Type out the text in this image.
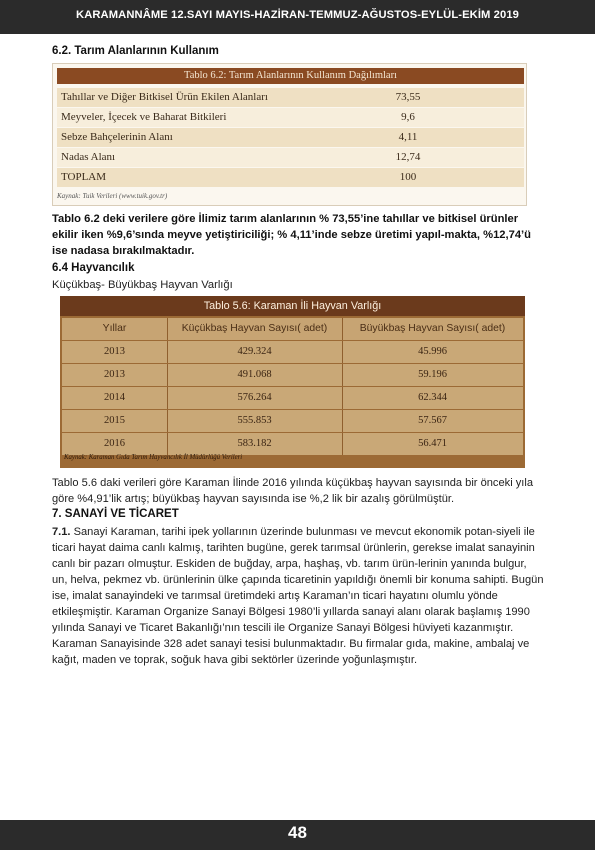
KARAMANNÂME 12.SAYI MAYIS-HAZİRAN-TEMMUZ-AĞUSTOS-EYLÜL-EKİM 2019
6.2. Tarım Alanlarının Kullanım
Tablo 6.2: Tarım Alanlarının Kullanım Dağılımları
Tahıllar ve Diğer Bitkisel Ürün Ekilen Alanları	73,55
Meyveler, İçecek ve Baharat Bitkileri	9,6
Sebze Bahçelerinin Alanı	4,11
Nadas Alanı	12,74
TOPLAM	100
Kaynak: Tuik Verileri (www.tuik.gov.tr)
Tablo 6.2 deki verilere göre İlimiz tarım alanlarının % 73,55’ine tahıllar ve bitkisel ürünler ekilir iken %9,6’sında meyve yetiştiriciliği; % 4,11’inde sebze üretimi yapıl-makta, %12,74’ü ise nadasa bırakılmaktadır.
6.4 Hayvancılık
Küçükbaş- Büyükbaş Hayvan Varlığı
Tablo 5.6: Karaman İli Hayvan Varlığı
Yıllar	Küçükbaş Hayvan Sayısı( adet)	Büyükbaş Hayvan Sayısı( adet)
2013	429.324	45.996
2013	491.068	59.196
2014	576.264	62.344
2015	555.853	57.567
2016	583.182	56.471
Kaynak: Karaman Gıda Tarım Hayvancılık İl Müdürlüğü Verileri
Tablo 5.6 daki verileri göre Karaman İlinde 2016 yılında küçükbaş hayvan sayısında bir önceki yıla göre %4,91’lik artış; büyükbaş hayvan sayısında ise %,2 lik bir azalış görülmüştür.
7. SANAYİ VE TİCARET
7.1. Sanayi Karaman, tarihi ipek yollarının üzerinde bulunması ve mevcut ekonomik potan-siyeli ile ticari hayat daima canlı kalmış, tarihten bugüne, gerek tarımsal ürünlerin, gerekse imalat sanayinin canlı bir pazarı olmuştur. Eskiden de buğday, arpa, haşhaş, vb. tarım ürün-lerinin yanında bulgur, un, helva, pekmez vb. ürünlerinin ülke çapında ticaretinin yapıldığı önemli bir konuma sahipti. Bugün ise, imalat sanayindeki ve tarımsal üretimdeki artış Karaman’ın ticari hayatını olumlu yönde etkileşmiştir. Karaman Organize Sanayi Bölgesi 1980’li yıllarda sanayi alanı olarak başlamış 1990 yılında Sanayi ve Ticaret Bakanlığı’nın tescili ile Organize Sanayi Bölgesi hüviyeti kazanmıştır. Karaman Sanayisinde 328 adet sanayi tesisi bulunmaktadır. Bu firmalar gıda, makine, ambalaj ve kağıt, maden ve toprak, soğuk hava gibi sektörler üzerinde yoğunlaşmıştır.
48
